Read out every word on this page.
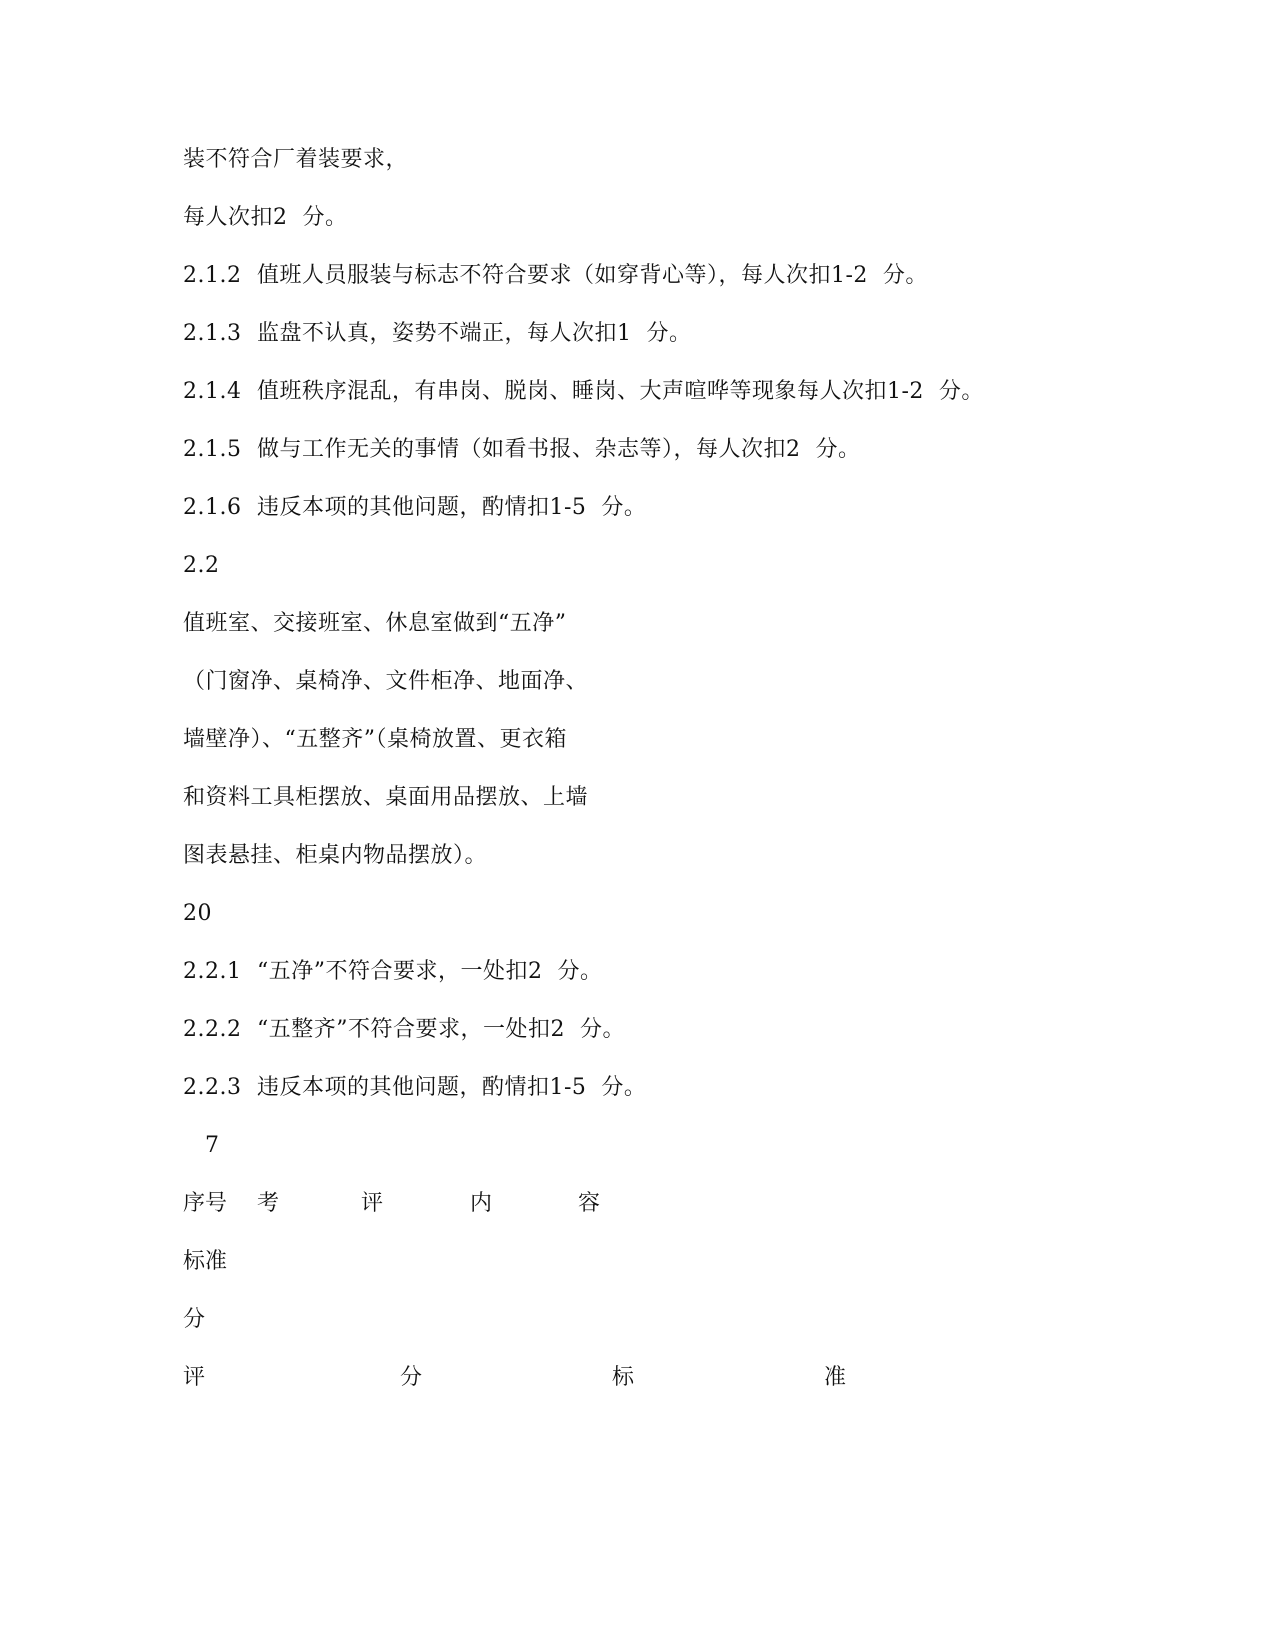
装不符合厂着装要求，
每人次扣2  分。
2.1.2 值班人员服装与标志不符合要求（如穿背心等），每人次扣1-2  分。
2.1.3 监盘不认真，姿势不端正，每人次扣1  分。
2.1.4 值班秩序混乱，有串岗、脱岗、睡岗、大声喧哗等现象每人次扣1-2  分。
2.1.5 做与工作无关的事情（如看书报、杂志等），每人次扣2  分。
2.1.6 违反本项的其他问题，酌情扣1-5  分。
2.2
值班室、交接班室、休息室做到“五净”
（门窗净、桌椅净、文件柜净、地面净、
墙壁净）、“五整齐”（桌椅放置、更衣箱
和资料工具柜摆放、桌面用品摆放、上墙
图表悬挂、柜桌内物品摆放）。
20
2.2.1 “五净”不符合要求，一处扣2  分。
2.2.2 “五整齐”不符合要求，一处扣2  分。
2.2.3 违反本项的其他问题，酌情扣1-5  分。
7
序号 考	评	内	容
标准
分
评	分	标	准
